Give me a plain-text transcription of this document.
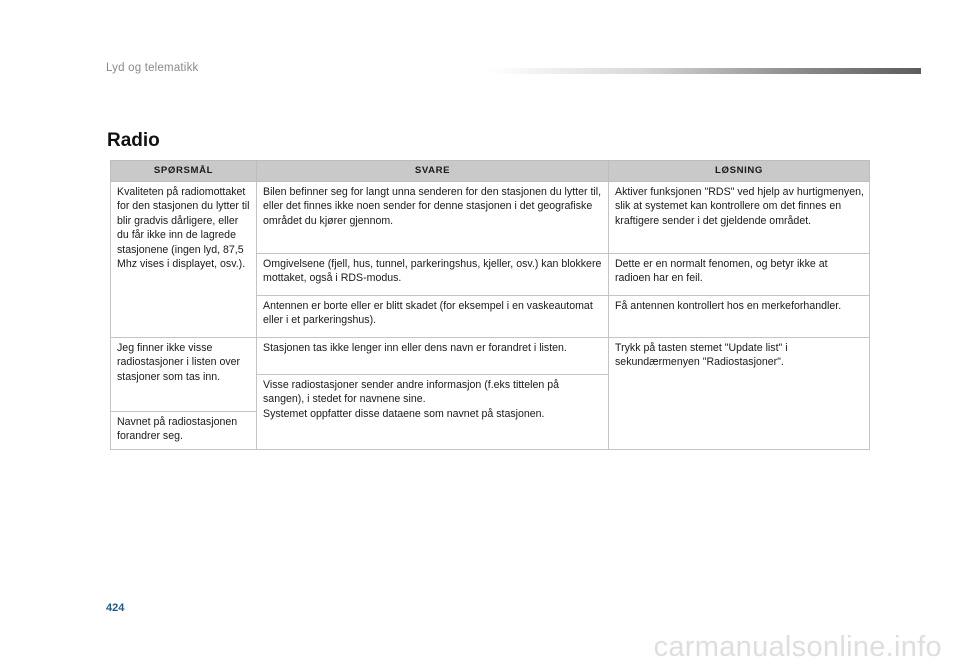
Lyd og telematikk
Radio
SPØRSMÅL	SVARE	LØSNING
Kvaliteten på radiomottaket for den stasjonen du lytter til blir gradvis dårligere, eller du får ikke inn de lagrede stasjonene (ingen lyd, 87,5 Mhz vises i displayet, osv.).	Bilen befinner seg for langt unna senderen for den stasjonen du lytter til, eller det finnes ikke noen sender for denne stasjonen i det geografiske området du kjører gjennom.	Aktiver funksjonen "RDS" ved hjelp av hurtigmenyen, slik at systemet kan kontrollere om det finnes en kraftigere sender i det gjeldende området.
	Omgivelsene (fjell, hus, tunnel, parkeringshus, kjeller, osv.) kan blokkere mottaket, også i RDS-modus.	Dette er en normalt fenomen, og betyr ikke at radioen har en feil.
	Antennen er borte eller er blitt skadet (for eksempel i en vaskeautomat eller i et parkeringshus).	Få antennen kontrollert hos en merkeforhandler.
Jeg finner ikke visse radiostasjoner i listen over stasjoner som tas inn.	Stasjonen tas ikke lenger inn eller dens navn er forandret i listen.	Trykk på tasten stemet "Update list" i sekundærmenyen "Radiostasjoner".
	Visse radiostasjoner sender andre informasjon (f.eks tittelen på sangen), i stedet for navnene sine.
Systemet oppfatter disse dataene som navnet på stasjonen.	
Navnet på radiostasjonen forandrer seg.		
424
carmanualsonline.info
